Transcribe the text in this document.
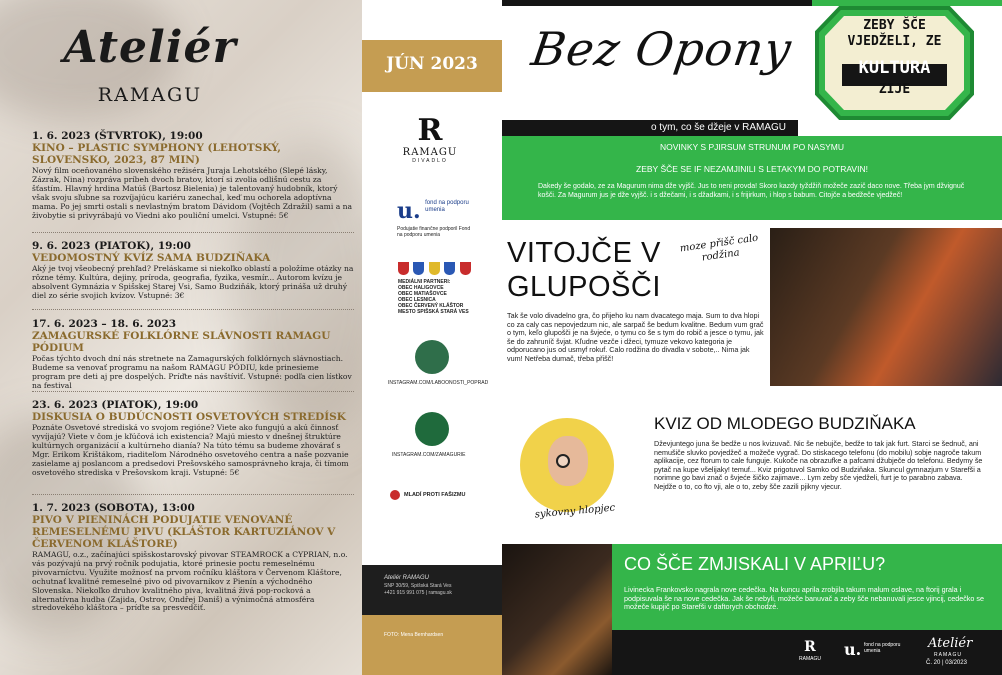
Ateliér
RAMAGU
1. 6. 2023 (ŠTVRTOK), 19:00
KINO – PLASTIC SYMPHONY (LEHOTSKÝ, SLOVENSKO, 2023, 87 MIN)
Nový film oceňovaného slovenského režiséra Juraja Lehotského (Slepé lásky, Zázrak, Nina) rozpráva príbeh dvoch bratov, ktorí si zvolia odlišnú cestu za šťastím. Hlavný hrdina Matúš (Bartosz Bielenia) je talentovaný hudobník, ktorý však svoju sľubne sa rozvíjajúcu kariéru zanechal, keď mu ochorela adoptívna mama. Po jej smrti ostali s nevlastným bratom Dávidom (Vojtěch Zdražil) sami a na živobytie si privyrábajú vo Viedni ako pouliční umelci. Vstupné: 5€
9. 6. 2023 (PIATOK), 19:00
VEDOMOSTNÝ KVÍZ SAMA BUDZIŇAKA
Aký je tvoj všeobecný prehľad? Preláskame si niekoľko oblastí a položíme otázky na rôzne témy. Kultúra, dejiny, príroda, geografia, fyzika, vesmír... Autorom kvízu je absolvent Gymnázia v Spišskej Starej Vsi, Samo Budziňák, ktorý prináša už druhý diel zo série svojich kvízov. Vstupné: 3€
17. 6. 2023 – 18. 6. 2023
ZAMAGURSKÉ FOLKLÓRNE SLÁVNOSTI RAMAGU PÓDIUM
Počas týchto dvoch dní nás stretnete na Zamagurských folklórnych slávnostiach. Budeme sa venovať programu na našom RAMAGU PÓDIU, kde prinesieme program pre deti aj pre dospelých. Príďte nás navštíviť. Vstupné: podľa cien lístkov na festival
23. 6. 2023 (PIATOK), 19:00
DISKUSIA O BUDÚCNOSTI OSVETOVÝCH STREDÍSK
Poznáte Osvetové strediská vo svojom regióne? Viete ako fungujú a akú činnosť vyvíjajú? Viete v čom je kľúčová ich existencia? Majú miesto v dnešnej štruktúre kultúrnych organizácií a kultúrneho dianía? Na túto tému sa budeme zhovárať s Mgr. Erikom Krištákom, riaditeľom Národného osvetového centra a naše pozvanie zasielame aj poslancom a predsedovi Prešovského samosprávneho kraja, či tímom osvetového strediska v Prešovskom kraji. Vstupné: 5€
1. 7. 2023 (SOBOTA), 13:00
PIVO V PIENINÁCH PODUJATIE VENOVANÉ REMESELNÉMU PIVU (KLÁŠTOR KARTUZIÁNOV V ČERVENOM KLÁŠTORE)
RAMAGU, o.z., začínajúci spišskostarovský pivovar STEAMROCK a CYPRIAN, n.o. vás pozývajú na prvý ročník podujatia, ktoré prinesie poctu remeselnému pivovarníctvu. Využite možnosť na prvom ročníku kláštora v Červenom Kláštore, ochutnať kvalitné remeselné pivo od pivovarníkov z Pienín a východného Slovenska. Niekoľko druhov kvalitného piva, kvalitná živá pop-rocková a alternatívna hudba (Zajida, Ostrov, Ondřej Daniš) a výnimočná atmosféra stredovekého kláštora – príďte sa presvedčiť.
JÚN 2023
R
RAMAGU
DIVADLO
u. fond na podporu umenia
Podujatie finančne podporil Fond na podporu umenia

MEDIÁLNI PARTNERI:
OBEC HALIGOVCE
OBEC MATIAŠOVCE
OBEC LESNICA
OBEC ČERVENÝ KLÁŠTOR
MESTO SPIŠSKÁ STARÁ VES
INSTAGRAM.COM/LABOONOSTI_POPRAD
INSTAGRAM.COM/ZAMAGURIE
MLADÍ PROTI FAŠIZMU
Ateliér RAMAGU
SNP 30/59, Spišská Stará Ves
+421 915 991 075 | ramagu.sk
FOTO: Mena Bernhardsen
Bez Opony	ZEBY ŠČE
VJEDŽELI, ZE
KULTURA
ZIJE
o tym, co še džeje v RAMAGU
NOVINKY S PJIRSUM STRUNUM PO NASYMU
ZEBY ŠČE SE IF NEZAMJINILI S LETAKYM DO POTRAVIN!
Dakedy še godalo, ze za Magurum nima dže vyjšč. Jus to neni provda! Skoro kazdy tyždžiň možeče zazič daco nove. Třeba jym džvignuč košči. Za Magurum jus je dže vyjšč. i s džečami, i s džadkami, i s frijirkum, i hlop s babum. Citojče a bedžeče vjedžeč!
VITOJČE V GLUPOŠČI
moze přišč calo rodžina
Tak še volo divadelno gra, čo přijeho ku nam dvacatego maja. Sum to dva hlopi co za caly cas nepovjedzum nic, ale sarpač še bedum kvalitne. Bedum vum grač o tym, keľo glupošči je na švjeće, o tymu co še s tym do robič a jesce o tymu, jak še do zahruníč švjat. Kľudne vezče i džeci, tymuze vekovo kategoria je odporucano jus od usmyf rokuf. Calo rodžina do divadla v sobote,.. Nima jak vum! Netřeba dumač, třeba přišč!
sykovny hlopjec
KVIZ OD MLODEGO BUDZIŇAKA
Dževjuntego juna še bedže u nos kvizuvač. Nic še nebujče, bedže to tak jak furt. Starci se šednuč, ani nemušiče sluvko povjedžeč a možeče vygrač. Do stiskacego telefonu (do mobilu) sobje nagroče takum aplikacije, cez ftorum to cale funguje. Kukoče na obrazufke a pafcami džubječe do telefonu. Bedymy še pytač na kupe všelijaky! temuf... Kviz prigotuvol Samko od Budziňaka. Skuncul gymnazjum v Starefši a norimne go bavi znač o švjeće šičko zajimave... Lym zeby sče vjedželi, furt je to parabno zabava. Nejdže o to, co fto vji, ale o to, zeby šče zazili pjikny vjecur.
CO ŠČE ZMJISKALI V APRIĽU?
Livinecka Frankovsko nagrala nove cedečka. Na kuncu aprila zrobjila takum malum oslave, na ftorij grala i podpisuvala še na nove cedečka. Jak še nebyli, možeče banuvač a zeby šče nebanuvali jesce vjincij, cedečko se možeče kupjič po Starefši v daftorych obchodzé.
R
RAMAGU	u. fond na podporu umenia	Ateliér
RAMAGU
Č. 20 | 03/2023
